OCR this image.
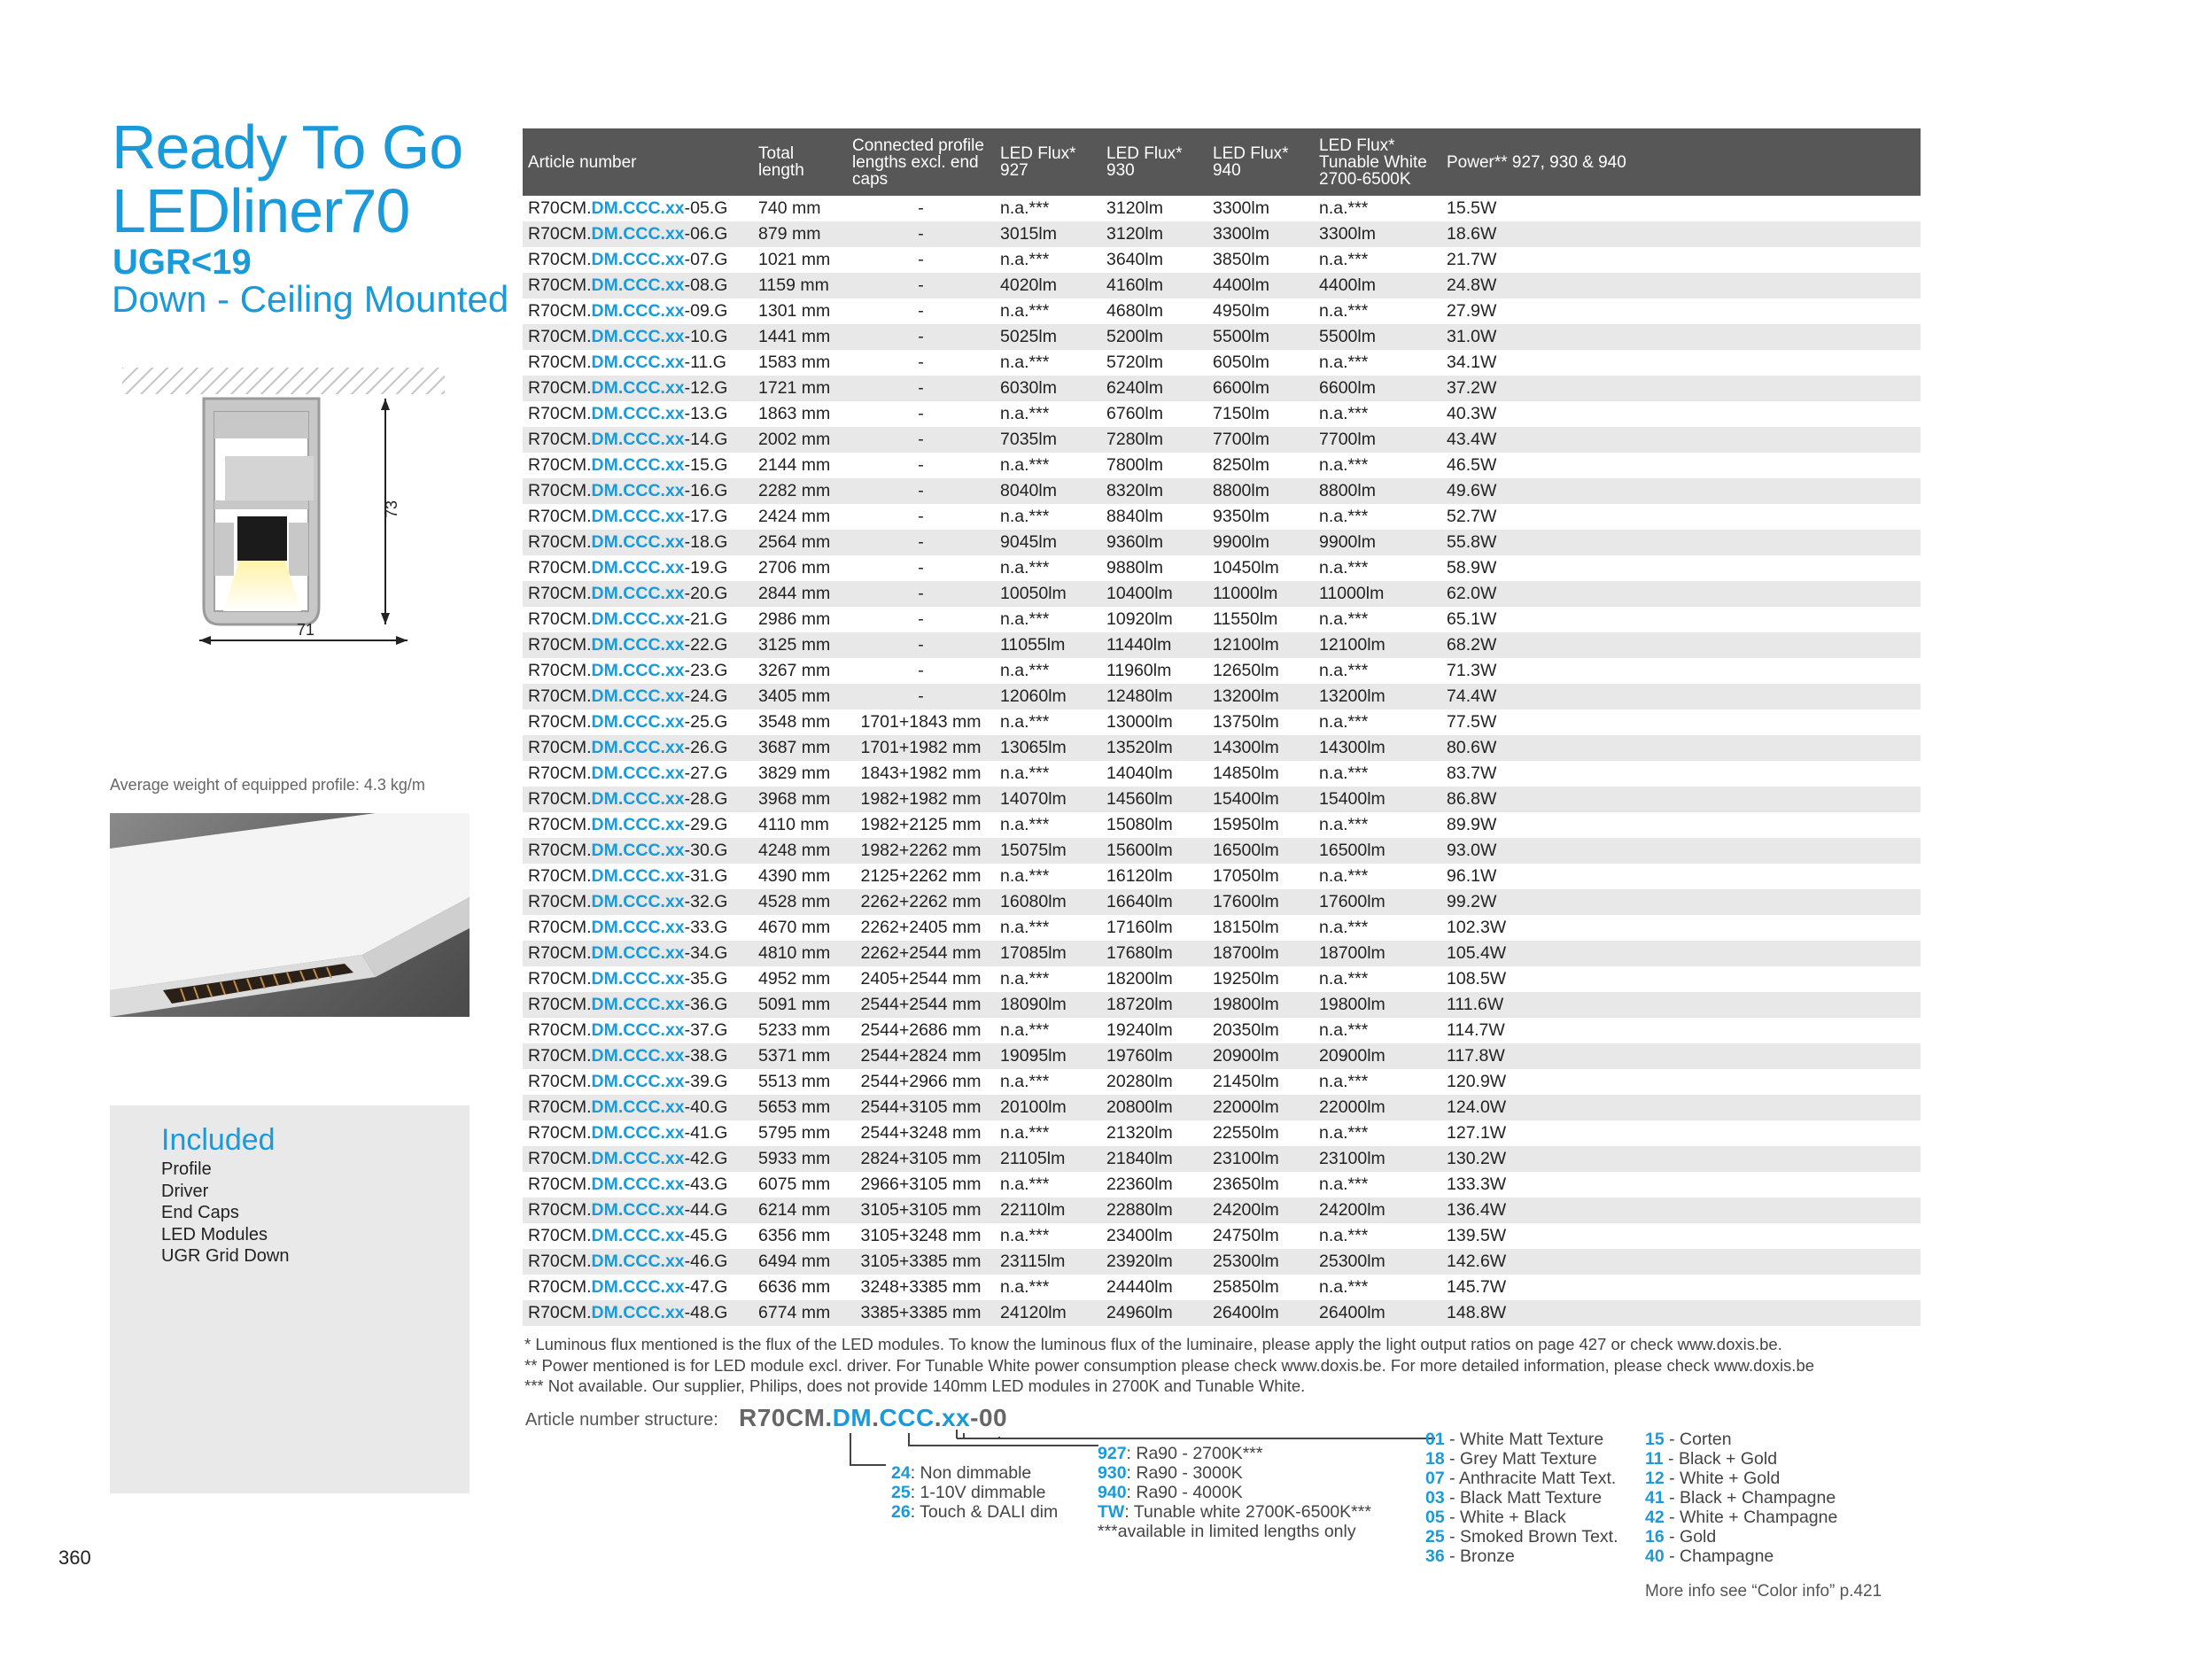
Ready To Go
LEDliner70
UGR<19
Down - Ceiling Mounted
73
71
Average weight of equipped profile: 4.3 kg/m
Included
Profile
Driver
End Caps
LED Modules
UGR Grid Down
360
Article number	Total length	Connected profile lengths excl. end caps	LED Flux* 927	LED Flux* 930	LED Flux* 940	LED Flux* Tunable White 2700-6500K	Power** 927, 930 & 940
R70CM.DM.CCC.xx-05.G	740 mm	-	n.a.***	3120lm	3300lm	n.a.***	15.5W
R70CM.DM.CCC.xx-06.G	879 mm	-	3015lm	3120lm	3300lm	3300lm	18.6W
R70CM.DM.CCC.xx-07.G	1021 mm	-	n.a.***	3640lm	3850lm	n.a.***	21.7W
R70CM.DM.CCC.xx-08.G	1159 mm	-	4020lm	4160lm	4400lm	4400lm	24.8W
R70CM.DM.CCC.xx-09.G	1301 mm	-	n.a.***	4680lm	4950lm	n.a.***	27.9W
R70CM.DM.CCC.xx-10.G	1441 mm	-	5025lm	5200lm	5500lm	5500lm	31.0W
R70CM.DM.CCC.xx-11.G	1583 mm	-	n.a.***	5720lm	6050lm	n.a.***	34.1W
R70CM.DM.CCC.xx-12.G	1721 mm	-	6030lm	6240lm	6600lm	6600lm	37.2W
R70CM.DM.CCC.xx-13.G	1863 mm	-	n.a.***	6760lm	7150lm	n.a.***	40.3W
R70CM.DM.CCC.xx-14.G	2002 mm	-	7035lm	7280lm	7700lm	7700lm	43.4W
R70CM.DM.CCC.xx-15.G	2144 mm	-	n.a.***	7800lm	8250lm	n.a.***	46.5W
R70CM.DM.CCC.xx-16.G	2282 mm	-	8040lm	8320lm	8800lm	8800lm	49.6W
R70CM.DM.CCC.xx-17.G	2424 mm	-	n.a.***	8840lm	9350lm	n.a.***	52.7W
R70CM.DM.CCC.xx-18.G	2564 mm	-	9045lm	9360lm	9900lm	9900lm	55.8W
R70CM.DM.CCC.xx-19.G	2706 mm	-	n.a.***	9880lm	10450lm	n.a.***	58.9W
R70CM.DM.CCC.xx-20.G	2844 mm	-	10050lm	10400lm	11000lm	11000lm	62.0W
R70CM.DM.CCC.xx-21.G	2986 mm	-	n.a.***	10920lm	11550lm	n.a.***	65.1W
R70CM.DM.CCC.xx-22.G	3125 mm	-	11055lm	11440lm	12100lm	12100lm	68.2W
R70CM.DM.CCC.xx-23.G	3267 mm	-	n.a.***	11960lm	12650lm	n.a.***	71.3W
R70CM.DM.CCC.xx-24.G	3405 mm	-	12060lm	12480lm	13200lm	13200lm	74.4W
R70CM.DM.CCC.xx-25.G	3548 mm	1701+1843 mm	n.a.***	13000lm	13750lm	n.a.***	77.5W
R70CM.DM.CCC.xx-26.G	3687 mm	1701+1982 mm	13065lm	13520lm	14300lm	14300lm	80.6W
R70CM.DM.CCC.xx-27.G	3829 mm	1843+1982 mm	n.a.***	14040lm	14850lm	n.a.***	83.7W
R70CM.DM.CCC.xx-28.G	3968 mm	1982+1982 mm	14070lm	14560lm	15400lm	15400lm	86.8W
R70CM.DM.CCC.xx-29.G	4110 mm	1982+2125 mm	n.a.***	15080lm	15950lm	n.a.***	89.9W
R70CM.DM.CCC.xx-30.G	4248 mm	1982+2262 mm	15075lm	15600lm	16500lm	16500lm	93.0W
R70CM.DM.CCC.xx-31.G	4390 mm	2125+2262 mm	n.a.***	16120lm	17050lm	n.a.***	96.1W
R70CM.DM.CCC.xx-32.G	4528 mm	2262+2262 mm	16080lm	16640lm	17600lm	17600lm	99.2W
R70CM.DM.CCC.xx-33.G	4670 mm	2262+2405 mm	n.a.***	17160lm	18150lm	n.a.***	102.3W
R70CM.DM.CCC.xx-34.G	4810 mm	2262+2544 mm	17085lm	17680lm	18700lm	18700lm	105.4W
R70CM.DM.CCC.xx-35.G	4952 mm	2405+2544 mm	n.a.***	18200lm	19250lm	n.a.***	108.5W
R70CM.DM.CCC.xx-36.G	5091 mm	2544+2544 mm	18090lm	18720lm	19800lm	19800lm	111.6W
R70CM.DM.CCC.xx-37.G	5233 mm	2544+2686 mm	n.a.***	19240lm	20350lm	n.a.***	114.7W
R70CM.DM.CCC.xx-38.G	5371 mm	2544+2824 mm	19095lm	19760lm	20900lm	20900lm	117.8W
R70CM.DM.CCC.xx-39.G	5513 mm	2544+2966 mm	n.a.***	20280lm	21450lm	n.a.***	120.9W
R70CM.DM.CCC.xx-40.G	5653 mm	2544+3105 mm	20100lm	20800lm	22000lm	22000lm	124.0W
R70CM.DM.CCC.xx-41.G	5795 mm	2544+3248 mm	n.a.***	21320lm	22550lm	n.a.***	127.1W
R70CM.DM.CCC.xx-42.G	5933 mm	2824+3105 mm	21105lm	21840lm	23100lm	23100lm	130.2W
R70CM.DM.CCC.xx-43.G	6075 mm	2966+3105 mm	n.a.***	22360lm	23650lm	n.a.***	133.3W
R70CM.DM.CCC.xx-44.G	6214 mm	3105+3105 mm	22110lm	22880lm	24200lm	24200lm	136.4W
R70CM.DM.CCC.xx-45.G	6356 mm	3105+3248 mm	n.a.***	23400lm	24750lm	n.a.***	139.5W
R70CM.DM.CCC.xx-46.G	6494 mm	3105+3385 mm	23115lm	23920lm	25300lm	25300lm	142.6W
R70CM.DM.CCC.xx-47.G	6636 mm	3248+3385 mm	n.a.***	24440lm	25850lm	n.a.***	145.7W
R70CM.DM.CCC.xx-48.G	6774 mm	3385+3385 mm	24120lm	24960lm	26400lm	26400lm	148.8W
* Luminous flux mentioned is the flux of the LED modules. To know the luminous flux of the luminaire, please apply the light output ratios on page 427 or check www.doxis.be.
** Power mentioned is for LED module excl. driver. For Tunable White power consumption please check www.doxis.be. For more detailed information, please check www.doxis.be
*** Not available. Our supplier, Philips, does not provide 140mm LED modules in 2700K and Tunable White.
Article number structure: R70CM.DM.CCC.xx-00
24: Non dimmable
25: 1-10V dimmable
26: Touch & DALI dim
927: Ra90 - 2700K***
930: Ra90 - 3000K
940: Ra90 - 4000K
TW: Tunable white 2700K-6500K***
***available in limited lengths only
01 - White Matt Texture
18 - Grey Matt Texture
07 - Anthracite Matt Text.
03 - Black Matt Texture
05 - White + Black
25 - Smoked Brown Text.
36 - Bronze
15 - Corten
11 - Black + Gold
12 - White + Gold
41 - Black + Champagne
42 - White + Champagne
16 - Gold
40 - Champagne
More info see “Color info” p.421
